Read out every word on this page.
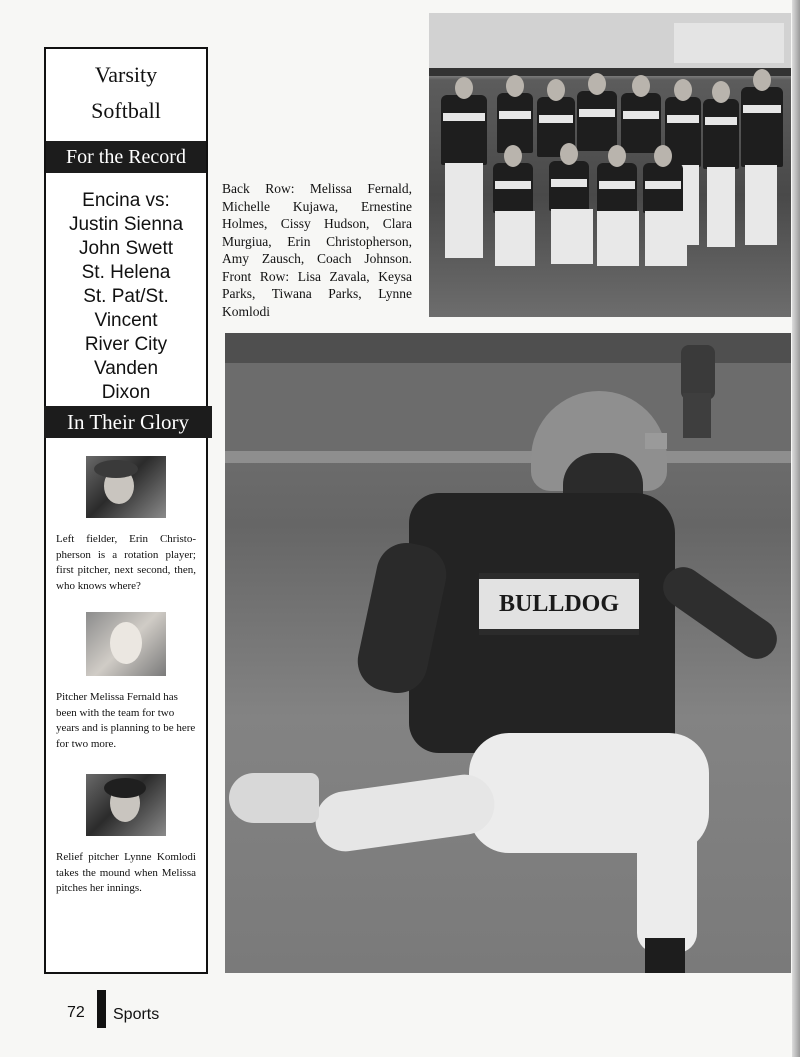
Varsity
Softball
For the Record
Encina vs:
Justin Sienna
John Swett
St. Helena
St. Pat/St.
Vincent
River City
Vanden
Dixon
In Their Glory
Left fielder, Erin Christo-pherson is a rotation player; first pitcher, next second, then, who knows where?
Pitcher Melissa Fernald has been with the team for two years and is planning to be here for two more.
Relief pitcher Lynne Komlodi takes the mound when Melissa pitches her innings.
Back Row: Melissa Fernald, Michelle Kujawa, Ernestine Holmes, Cissy Hudson, Clara Murgiua, Erin Christopherson, Amy Zausch, Coach Johnson. Front Row: Lisa Zavala, Keysa Parks, Tiwana Parks, Lynne Komlodi
BULLDOG
72 Sports
